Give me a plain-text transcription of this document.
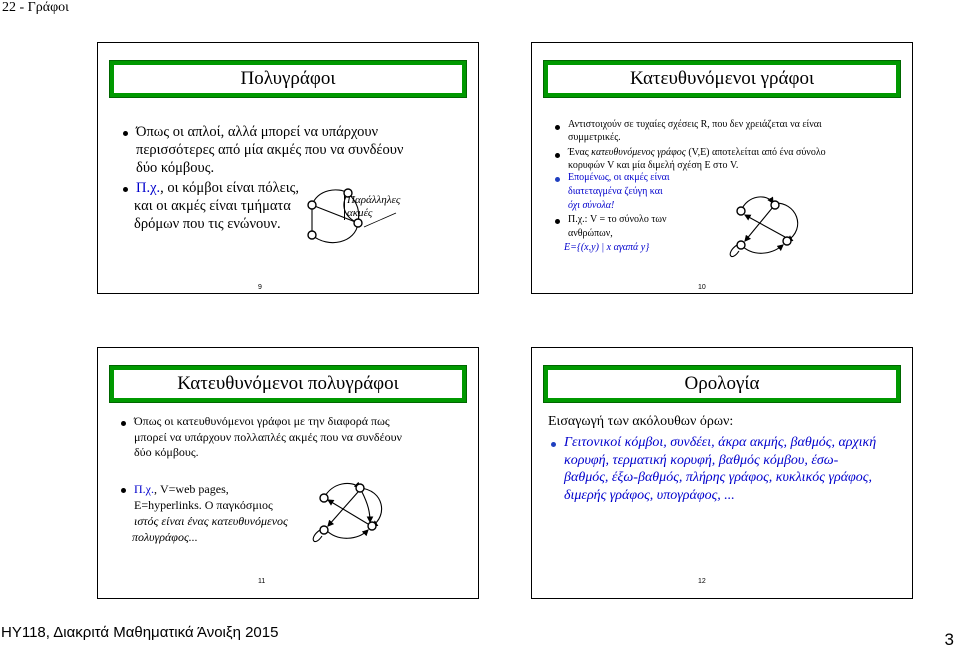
22 - Γράφοι
Πολυγράφοι
Όπως οι απλοί, αλλά μπορεί να υπάρχουν περισσότερες από μία ακμές που να συνδέουν δύο κόμβους.
Π.χ., οι κόμβοι είναι πόλεις,
και οι ακμές είναι τμήματα
δρόμων που τις ενώνουν.
Παράλληλες ακμές
9
Κατευθυνόμενοι γράφοι
Αντιστοιχούν σε τυχαίες σχέσεις R, που δεν χρειάζεται να είναι συμμετρικές.
Ένας κατευθυνόμενος γράφος (V,E) αποτελείται από ένα σύνολο κορυφών V και μία διμελή σχέση E στο V.
Επομένως, οι ακμές είναι διατεταγμένα ζεύγη και
όχι σύνολα!
Π.χ.: V = το σύνολο των ανθρώπων,
E={(x,y) | x αγαπά y}
10
Κατευθυνόμενοι πολυγράφοι
Όπως οι κατευθυνόμενοι γράφοι με την διαφορά πως μπορεί να υπάρχουν πολλαπλές ακμές που να συνδέουν δύο κόμβους.
Π.χ., V=web pages,
E=hyperlinks. Ο παγκόσμιος
ιστός είναι ένας κατευθυνόμενος
πολυγράφος...
11
Ορολογία
Εισαγωγή των ακόλουθων όρων:
Γειτονικοί κόμβοι, συνδέει, άκρα ακμής, βαθμός, αρχική κορυφή, τερματική κορυφή, βαθμός κόμβου, έσω-βαθμός, έξω-βαθμός, πλήρης γράφος, κυκλικός γράφος, διμερής γράφος, υπογράφος, ...
12
ΗΥ118, Διακριτά Μαθηματικά Άνοιξη 2015	3
